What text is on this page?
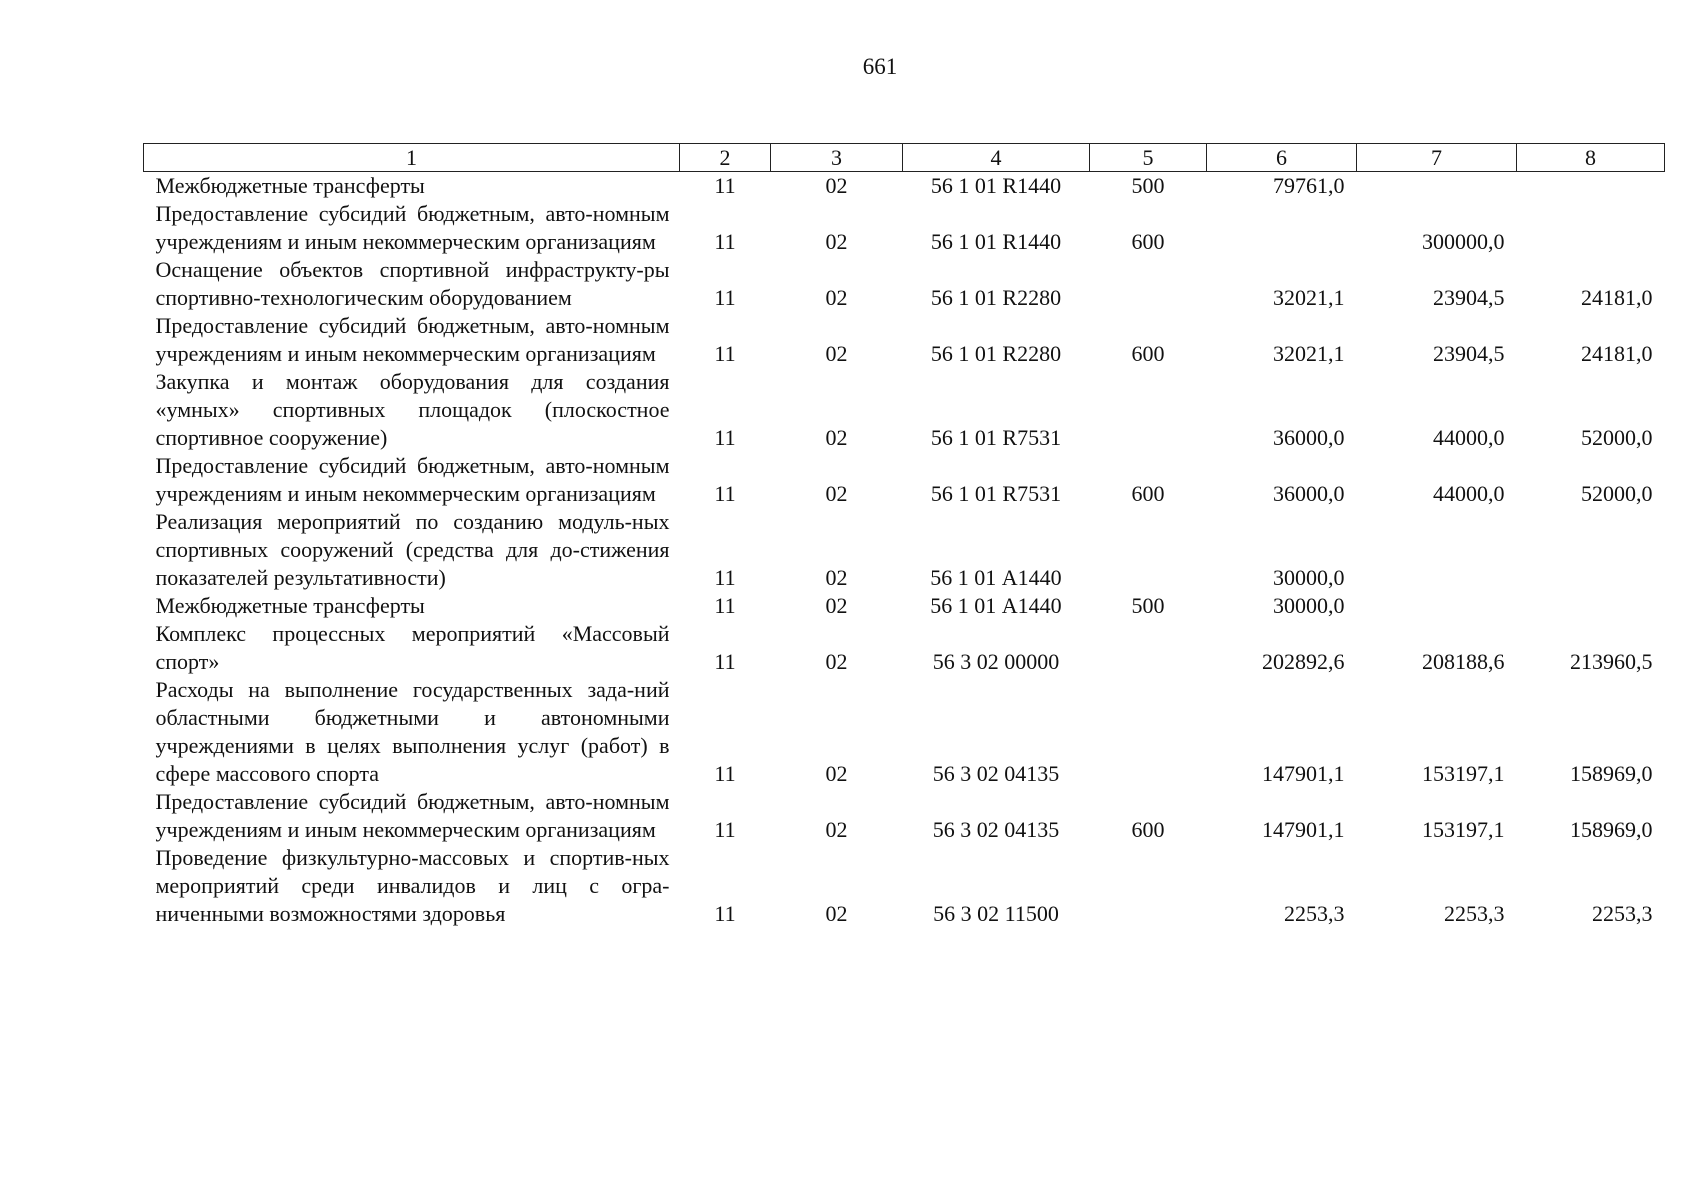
661
1	2	3	4	5	6	7	8
Межбюджетные трансферты	11	02	56 1 01 R1440	500	79761,0		
Предоставление субсидий бюджетным, авто-номным учреждениям и иным некоммерческим организациям	11	02	56 1 01 R1440	600		300000,0	
Оснащение объектов спортивной инфраструкту-ры спортивно-технологическим оборудованием	11	02	56 1 01 R2280		32021,1	23904,5	24181,0
Предоставление субсидий бюджетным, авто-номным учреждениям и иным некоммерческим организациям	11	02	56 1 01 R2280	600	32021,1	23904,5	24181,0
Закупка и монтаж оборудования для создания «умных» спортивных площадок (плоскостное спортивное сооружение)	11	02	56 1 01 R7531		36000,0	44000,0	52000,0
Предоставление субсидий бюджетным, авто-номным учреждениям и иным некоммерческим организациям	11	02	56 1 01 R7531	600	36000,0	44000,0	52000,0
Реализация мероприятий по созданию модуль-ных спортивных сооружений (средства для до-стижения показателей результативности)	11	02	56 1 01 А1440		30000,0		
Межбюджетные трансферты	11	02	56 1 01 А1440	500	30000,0		
Комплекс процессных мероприятий «Массовый спорт»	11	02	56 3 02 00000		202892,6	208188,6	213960,5
Расходы на выполнение государственных зада-ний областными бюджетными и автономными учреждениями в целях выполнения услуг (работ) в сфере массового спорта	11	02	56 3 02 04135		147901,1	153197,1	158969,0
Предоставление субсидий бюджетным, авто-номным учреждениям и иным некоммерческим организациям	11	02	56 3 02 04135	600	147901,1	153197,1	158969,0
Проведение физкультурно-массовых и спортив-ных мероприятий среди инвалидов и лиц с огра-ниченными возможностями здоровья	11	02	56 3 02 11500		2253,3	2253,3	2253,3
